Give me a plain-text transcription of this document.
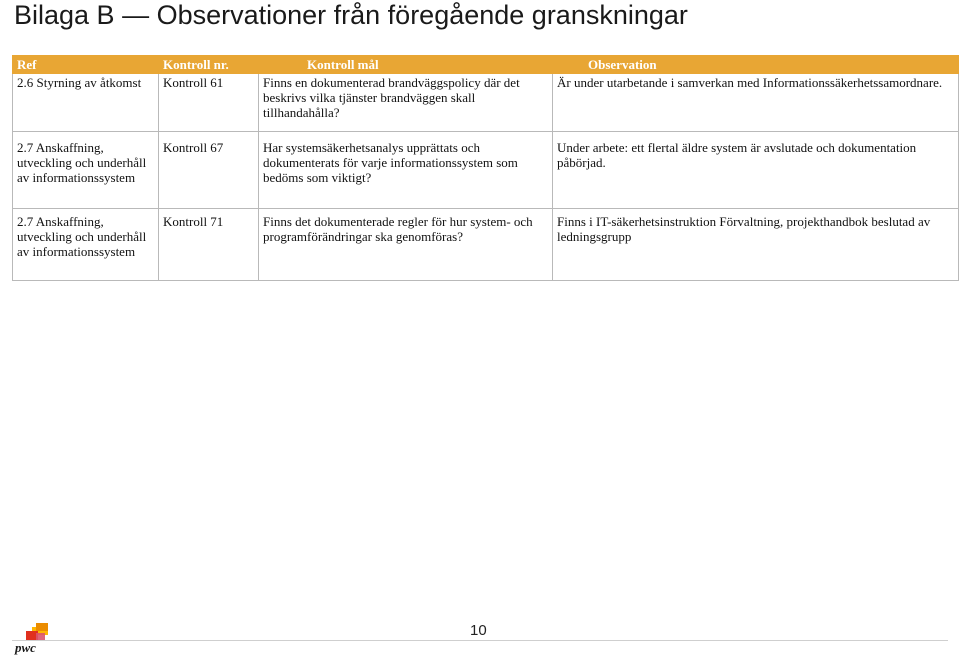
Bilaga B — Observationer från föregående granskningar
Ref	Kontroll nr.	Kontroll mål	Observation
2.6 Styrning av åtkomst	Kontroll 61	Finns en dokumenterad brandväggspolicy där det beskrivs vilka tjänster brandväggen skall tillhandahålla?	Är under utarbetande i samverkan med Informationssäkerhetssamordnare.
2.7 Anskaffning, utveckling och underhåll av informationssystem	Kontroll 67	Har systemsäkerhetsanalys upprättats och dokumenterats för varje informationssystem som bedöms som viktigt?	Under arbete: ett flertal äldre system är avslutade och dokumentation påbörjad.
2.7 Anskaffning, utveckling och underhåll av informationssystem	Kontroll 71	Finns det dokumenterade regler för hur system- och programförändringar ska genomföras?	Finns i IT-säkerhetsinstruktion Förvaltning, projekthandbok beslutad av ledningsgrupp
pwc
10
